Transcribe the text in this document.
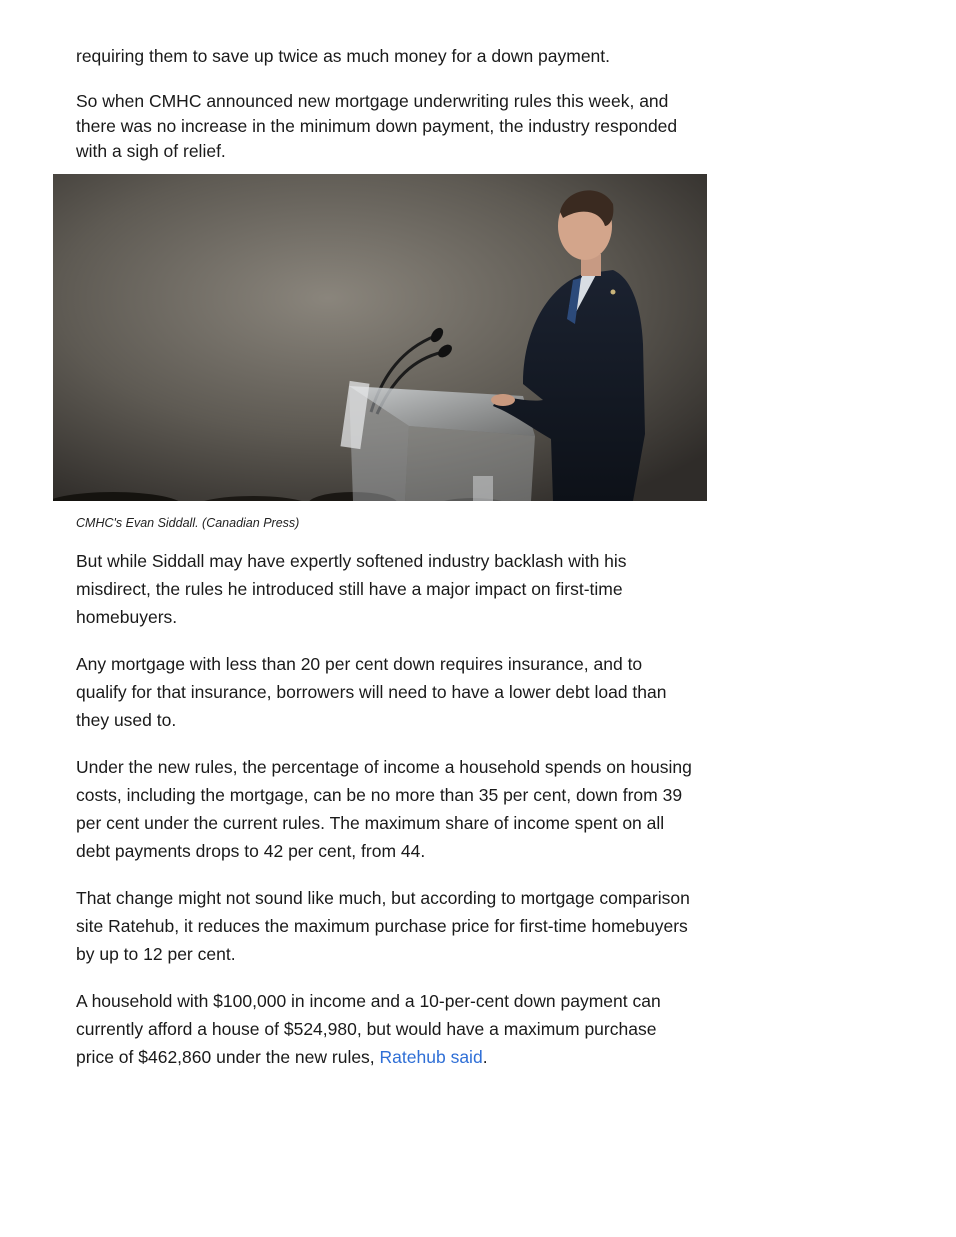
requiring them to save up twice as much money for a down payment.

So when CMHC announced new mortgage underwriting rules this week, and there was no increase in the minimum down payment, the industry responded with a sigh of relief.

CMHC's Evan Siddall. (Canadian Press)

But while Siddall may have expertly softened industry backlash with his misdirect, the rules he introduced still have a major impact on first-time homebuyers.

Any mortgage with less than 20 per cent down requires insurance, and to qualify for that insurance, borrowers will need to have a lower debt load than they used to.

Under the new rules, the percentage of income a household spends on housing costs, including the mortgage, can be no more than 35 per cent, down from 39 per cent under the current rules. The maximum share of income spent on all debt payments drops to 42 per cent, from 44.

That change might not sound like much, but according to mortgage comparison site Ratehub, it reduces the maximum purchase price for first-time homebuyers by up to 12 per cent.

A household with $100,000 in income and a 10-per-cent down payment can currently afford a house of $524,980, but would have a maximum purchase price of $462,860 under the new rules, Ratehub said.
